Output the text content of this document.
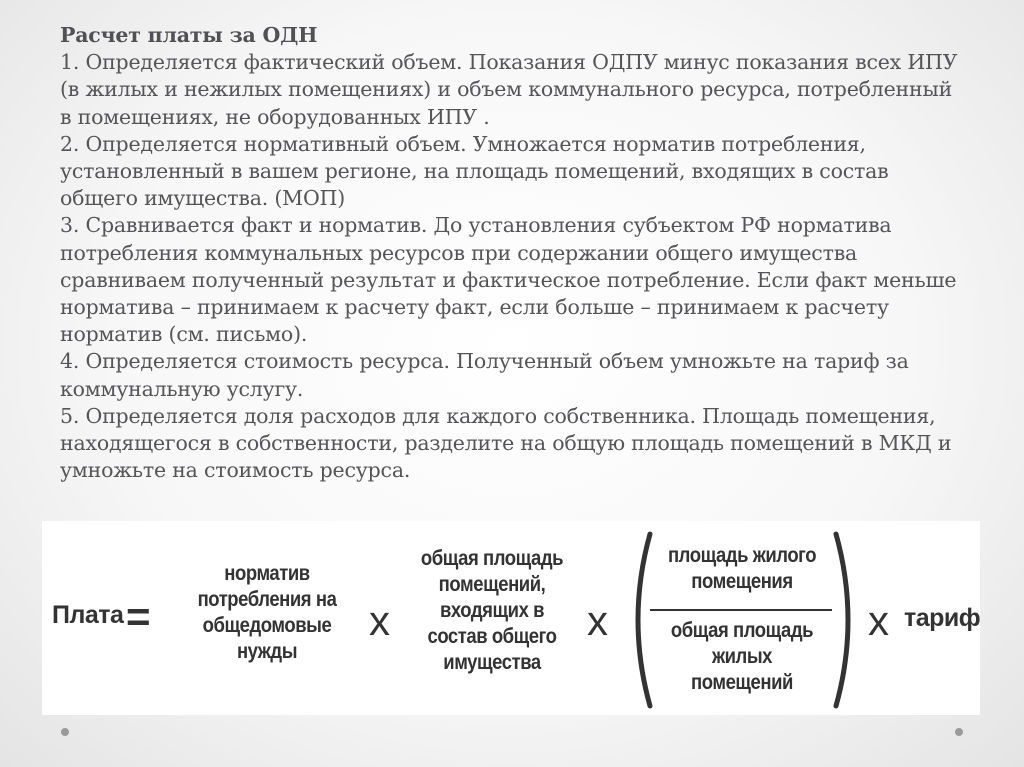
Расчет платы за ОДН
1. Определяется фактический объем. Показания ОДПУ минус показания всех ИПУ (в жилых и нежилых помещениях) и объем коммунального ресурса, потребленный в помещениях, не оборудованных ИПУ .
2. Определяется нормативный объем. Умножается норматив потребления, установленный в вашем регионе, на площадь помещений, входящих в состав общего имущества. (МОП)
3. Сравнивается факт и норматив. До установления субъектом РФ норматива потребления коммунальных ресурсов при содержании общего имущества сравниваем полученный результат и фактическое потребление. Если факт меньше норматива – принимаем к расчету факт, если больше – принимаем к расчету норматив (см. письмо).
4. Определяется стоимость ресурса. Полученный объем умножьте на тариф за коммунальную услугу.
5. Определяется доля расходов для каждого собственника. Площадь помещения, находящегося в собственности, разделите на общую площадь помещений в МКД и умножьте на стоимость ресурса.
Плата =
норматив
потребления на
общедомовые
нужды
x
общая площадь
помещений,
входящих в
состав общего
имущества
x
площадь жилого
помещения
общая площадь
жилых
помещений
x тариф
